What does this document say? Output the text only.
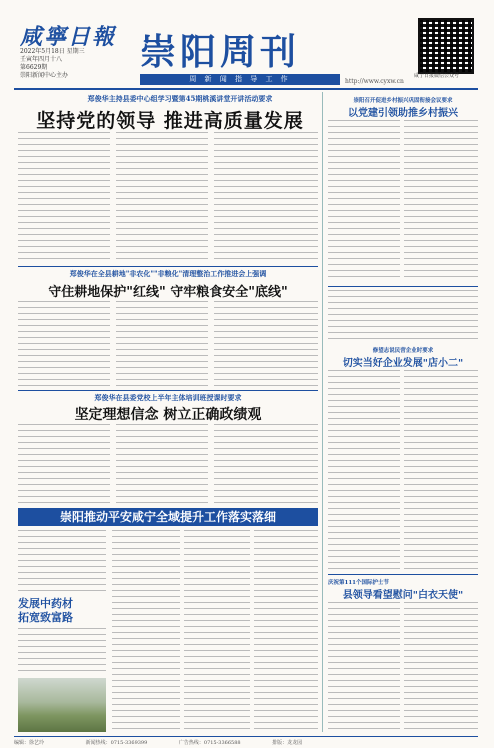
咸寧日報
2022年5月18日 星期三
壬寅年四月十八
第6629期
崇阳新闻中心主办
崇阳周刊
咸宁日报微信公众号
周 新 闻 指 导 工 作	http://www.cyxw.cn
郑俊华主持县委中心组学习暨第45期桃溪讲堂开讲活动要求
坚持党的领导 推进高质量发展
郑俊华在全县耕地"非农化""非粮化"清理整治工作推进会上强调
守住耕地保护"红线" 守牢粮食安全"底线"
郑俊华在县委党校上半年主体培训班授课时要求
坚定理想信念 树立正确政绩观
崇阳推动平安咸宁全域提升工作落实落细
发展中药材
拓宽致富路
崇阳召开促进乡村振兴巩固衔接会议要求
以党建引领助推乡村振兴
修望志说民营企业时要求
切实当好企业发展"店小二"
庆祝第111个国际护士节
县领导看望慰问"白衣天使"
编辑：徐艺玲	新闻热线：0715-3369399	广告热线：0715-3366588	排版：龙龙园
